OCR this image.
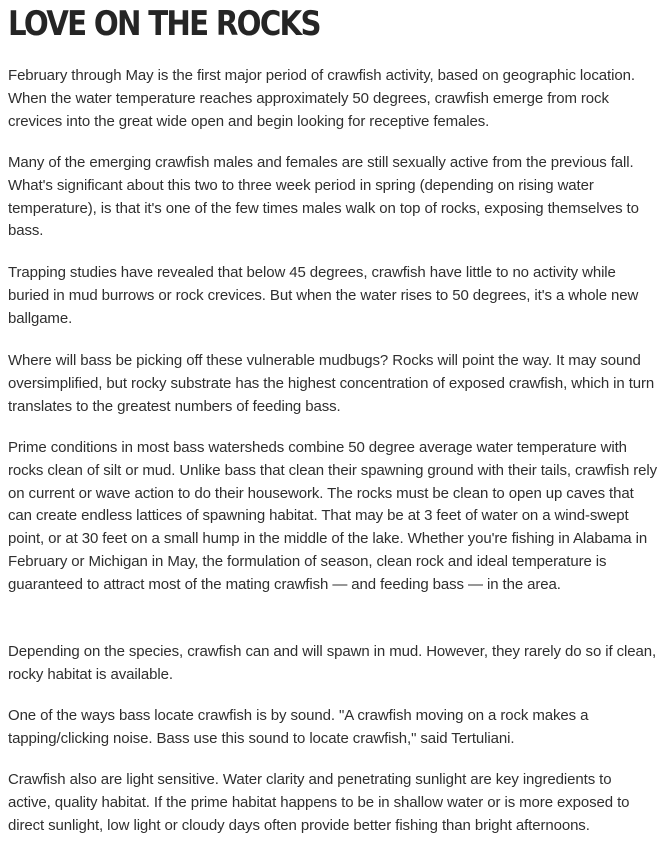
LOVE ON THE ROCKS

February through May is the first major period of crawfish activity, based on geographic location. When the water temperature reaches approximately 50 degrees, crawfish emerge from rock crevices into the great wide open and begin looking for receptive females.

Many of the emerging crawfish males and females are still sexually active from the previous fall. What's significant about this two to three week period in spring (depending on rising water temperature), is that it's one of the few times males walk on top of rocks, exposing themselves to bass.

Trapping studies have revealed that below 45 degrees, crawfish have little to no activity while buried in mud burrows or rock crevices. But when the water rises to 50 degrees, it's a whole new ballgame.

Where will bass be picking off these vulnerable mudbugs? Rocks will point the way. It may sound oversimplified, but rocky substrate has the highest concentration of exposed crawfish, which in turn translates to the greatest numbers of feeding bass.

Prime conditions in most bass watersheds combine 50 degree average water temperature with rocks clean of silt or mud. Unlike bass that clean their spawning ground with their tails, crawfish rely on current or wave action to do their housework. The rocks must be clean to open up caves that can create endless lattices of spawning habitat. That may be at 3 feet of water on a wind-swept point, or at 30 feet on a small hump in the middle of the lake. Whether you're fishing in Alabama in February or Michigan in May, the formulation of season, clean rock and ideal temperature is guaranteed to attract most of the mating crawfish — and feeding bass — in the area.

Depending on the species, crawfish can and will spawn in mud. However, they rarely do so if clean, rocky habitat is available.

One of the ways bass locate crawfish is by sound. "A crawfish moving on a rock makes a tapping/clicking noise. Bass use this sound to locate crawfish," said Tertuliani.

Crawfish also are light sensitive. Water clarity and penetrating sunlight are key ingredients to active, quality habitat. If the prime habitat happens to be in shallow water or is more exposed to direct sunlight, low light or cloudy days often provide better fishing than bright afternoons.
